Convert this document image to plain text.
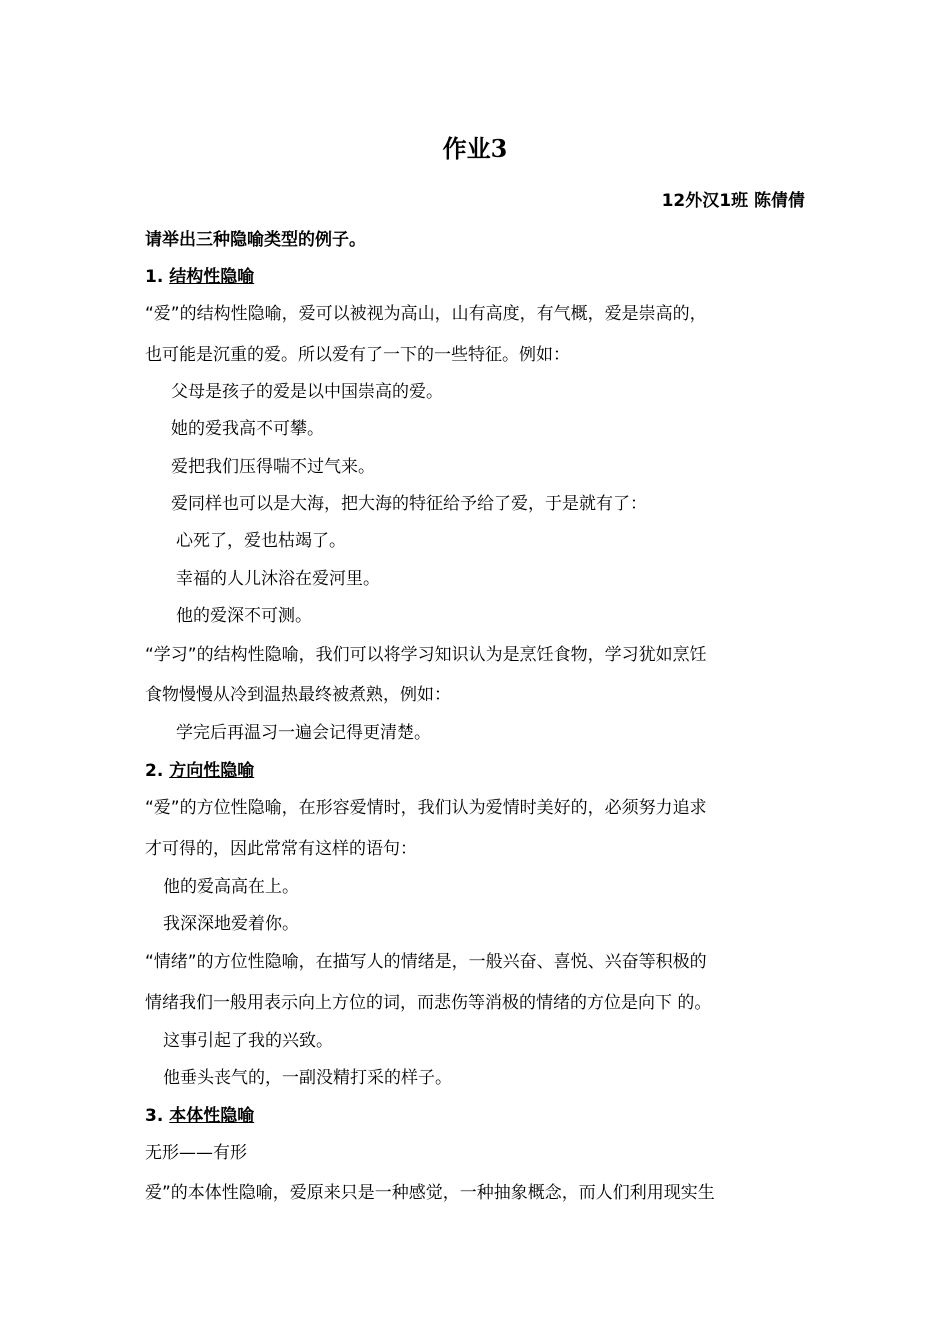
作业3
12外汉1班 陈倩倩
请举出三种隐喻类型的例子。
1. 结构性隐喻
“爱”的结构性隐喻，爱可以被视为高山，山有高度，有气概，爱是崇高的，
也可能是沉重的爱。所以爱有了一下的一些特征。例如：
父母是孩子的爱是以中国崇高的爱。
她的爱我高不可攀。
爱把我们压得喘不过气来。
爱同样也可以是大海，把大海的特征给予给了爱，于是就有了：
心死了，爱也枯竭了。
幸福的人儿沐浴在爱河里。
他的爱深不可测。
“学习”的结构性隐喻，我们可以将学习知识认为是烹饪食物，学习犹如烹饪
食物慢慢从冷到温热最终被煮熟，例如：
学完后再温习一遍会记得更清楚。
2. 方向性隐喻
“爱”的方位性隐喻，在形容爱情时，我们认为爱情时美好的，必须努力追求
才可得的，因此常常有这样的语句：
他的爱高高在上。
我深深地爱着你。
“情绪”的方位性隐喻，在描写人的情绪是，一般兴奋、喜悦、兴奋等积极的
情绪我们一般用表示向上方位的词，而悲伤等消极的情绪的方位是向下 的。
这事引起了我的兴致。
他垂头丧气的，一副没精打采的样子。
3. 本体性隐喻
无形——有形
爱”的本体性隐喻，爱原来只是一种感觉，一种抽象概念，而人们利用现实生
